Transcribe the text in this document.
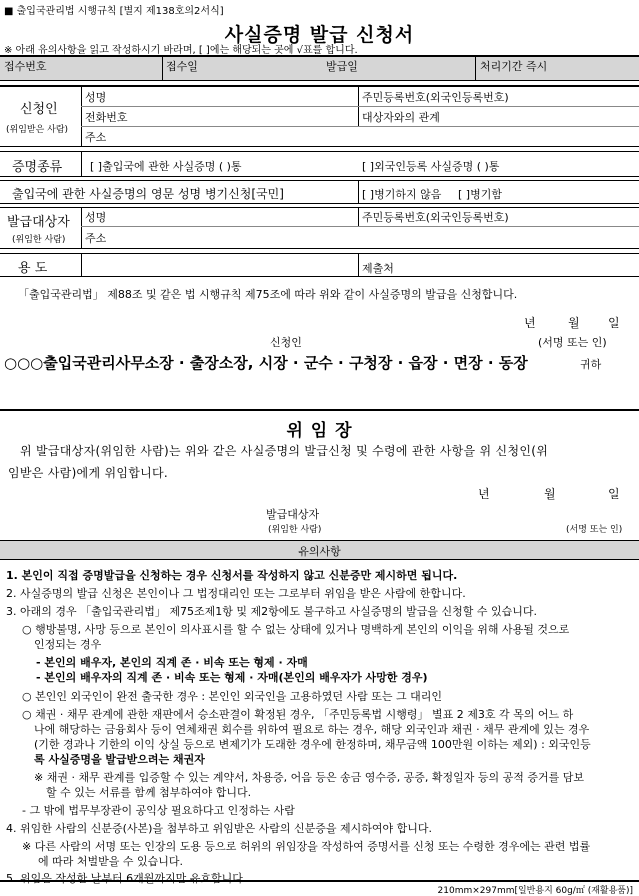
■ 출입국관리법 시행규칙 [별지 제138호의2서식]
사실증명 발급 신청서
※ 아래 유의사항을 읽고 작성하시기 바라며, [ ]에는 해당되는 곳에 √표를 합니다.
접수번호	접수일	발급일	처리기간 즉시
신청인
(위임받은 사람)
성명	주민등록번호(외국인등록번호)
전화번호	대상자와의 관계
주소
증명종류	[ ]출입국에 관한 사실증명 ( )통	[ ]외국인등록 사실증명 ( )통
출입국에 관한 사실증명의 영문 성명 병기신청[국민]	[ ]병기하지 않음 [ ]병기함
발급대상자
(위임한 사람)
성명	주민등록번호(외국인등록번호)
주소
용 도	제출처
「출입국관리법」 제88조 및 같은 법 시행규칙 제75조에 따라 위와 같이 사실증명의 발급을 신청합니다.
년	월 일
신청인	(서명 또는 인)
○○○출입국관리사무소장 · 출장소장, 시장 · 군수 · 구청장 · 읍장 · 면장 · 동장	귀하
위 임 장
위 발급대상자(위임한 사람)는 위와 같은 사실증명의 발급신청 및 수령에 관한 사항을 위 신청인(위
임받은 사람)에게 위임합니다.
년	월	일
발급대상자
(위임한 사람)	(서명 또는 인)
유의사항
1. 본인이 직접 증명발급을 신청하는 경우 신청서를 작성하지 않고 신분증만 제시하면 됩니다.
2. 사실증명의 발급 신청은 본인이나 그 법정대리인 또는 그로부터 위임을 받은 사람에 한합니다.
3. 아래의 경우 「출입국관리법」 제75조제1항 및 제2항에도 불구하고 사실증명의 발급을 신청할 수 있습니다.
○ 행방불명, 사망 등으로 본인이 의사표시를 할 수 없는 상태에 있거나 명백하게 본인의 이익을 위해 사용될 것으로
인정되는 경우
- 본인의 배우자, 본인의 직계 존 · 비속 또는 형제 · 자매
- 본인의 배우자의 직계 존 · 비속 또는 형제 · 자매(본인의 배우자가 사망한 경우)
○ 본인인 외국인이 완전 출국한 경우 : 본인인 외국인을 고용하였던 사람 또는 그 대리인
○ 채권 · 채무 관계에 관한 재판에서 승소판결이 확정된 경우, 「주민등록법 시행령」 별표 2 제3호 각 목의 어느 하
나에 해당하는 금융회사 등이 연체채권 회수를 위하여 필요로 하는 경우, 해당 외국인과 채권 · 채무 관계에 있는 경우
(기한 경과나 기한의 이익 상실 등으로 변제기가 도래한 경우에 한정하며, 채무금액 100만원 이하는 제외) : 외국인등
록 사실증명을 발급받으려는 채권자
※ 채권 · 채무 관계를 입증할 수 있는 계약서, 차용증, 어음 등은 송금 영수증, 공증, 확정일자 등의 공적 증거를 담보
할 수 있는 서류를 함께 첨부하여야 합니다.
- 그 밖에 법무부장관이 공익상 필요하다고 인정하는 사람
4. 위임한 사람의 신분증(사본)을 첨부하고 위임받은 사람의 신분증을 제시하여야 합니다.
※ 다른 사람의 서명 또는 인장의 도용 등으로 허위의 위임장을 작성하여 증명서를 신청 또는 수령한 경우에는 관련 법률
에 따라 처벌받을 수 있습니다.
5. 위임은 작성한 날부터 6개월까지만 유효합니다.
210mm×297mm[일반용지 60g/㎡ (재활용품)]
